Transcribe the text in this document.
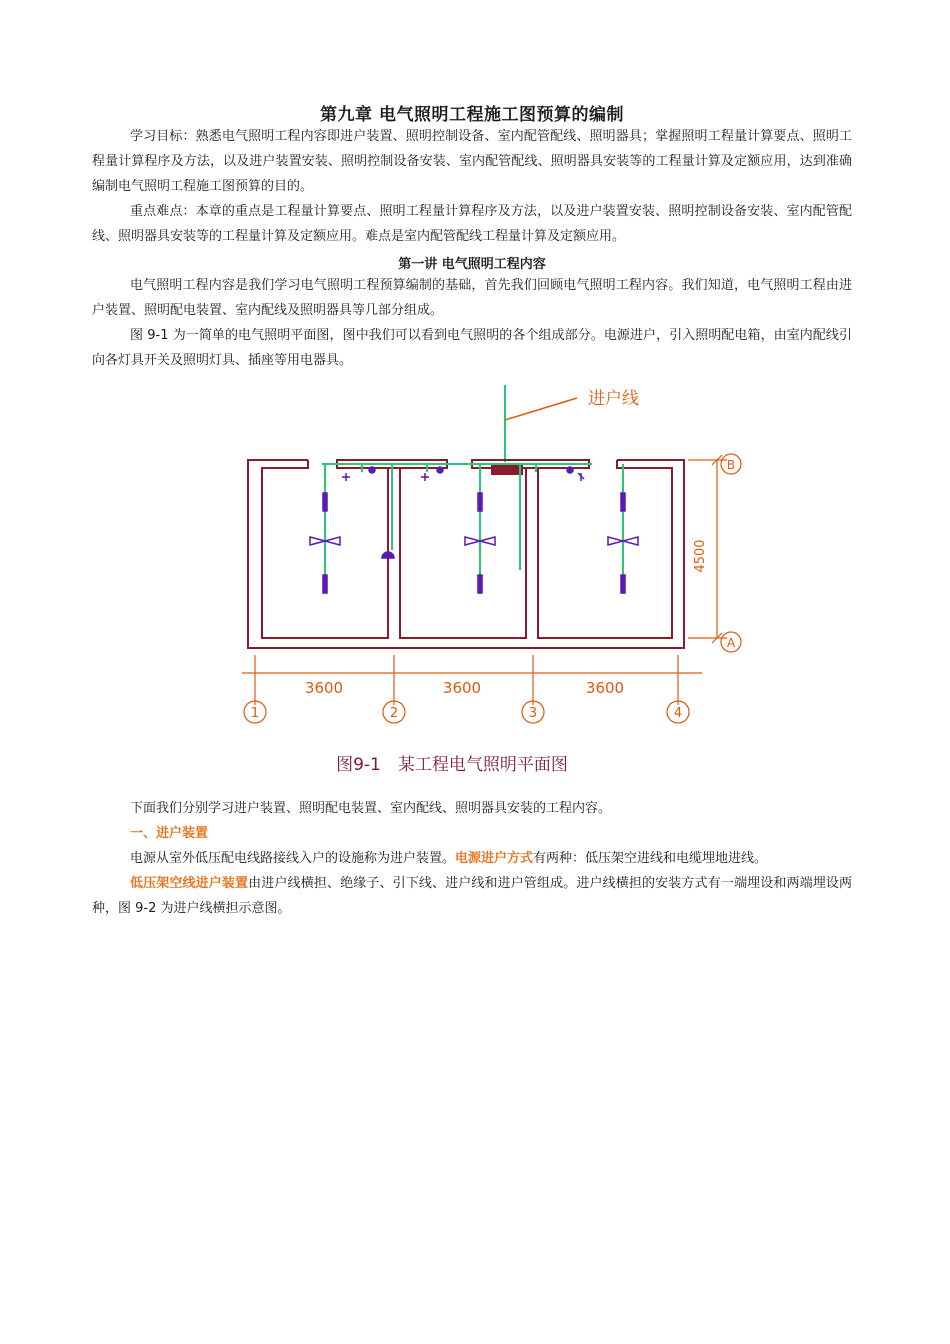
第九章 电气照明工程施工图预算的编制
学习目标：熟悉电气照明工程内容即进户装置、照明控制设备、室内配管配线、照明器具；掌握照明工程量计算要点、照明工程量计算程序及方法，以及进户装置安装、照明控制设备安装、室内配管配线、照明器具安装等的工程量计算及定额应用，达到准确编制电气照明工程施工图预算的目的。
重点难点：本章的重点是工程量计算要点、照明工程量计算程序及方法，以及进户装置安装、照明控制设备安装、室内配管配线、照明器具安装等的工程量计算及定额应用。难点是室内配管配线工程量计算及定额应用。
第一讲 电气照明工程内容
电气照明工程内容是我们学习电气照明工程预算编制的基础，首先我们回顾电气照明工程内容。我们知道，电气照明工程由进户装置、照明配电装置、室内配线及照明器具等几部分组成。
图 9-1 为一简单的电气照明平面图，图中我们可以看到电气照明的各个组成部分。电源进户，引入照明配电箱，由室内配线引向各灯具开关及照明灯具、插座等用电器具。
进户线
B
A
4500
3600	3600	3600
1	2	3	4
图9-1　某工程电气照明平面图
下面我们分别学习进户装置、照明配电装置、室内配线、照明器具安装的工程内容。
一、进户装置
电源从室外低压配电线路接线入户的设施称为进户装置。电源进户方式有两种：低压架空进线和电缆埋地进线。
低压架空线进户装置由进户线横担、绝缘子、引下线、进户线和进户管组成。进户线横担的安装方式有一端埋设和两端埋设两种，图 9-2 为进户线横担示意图。
